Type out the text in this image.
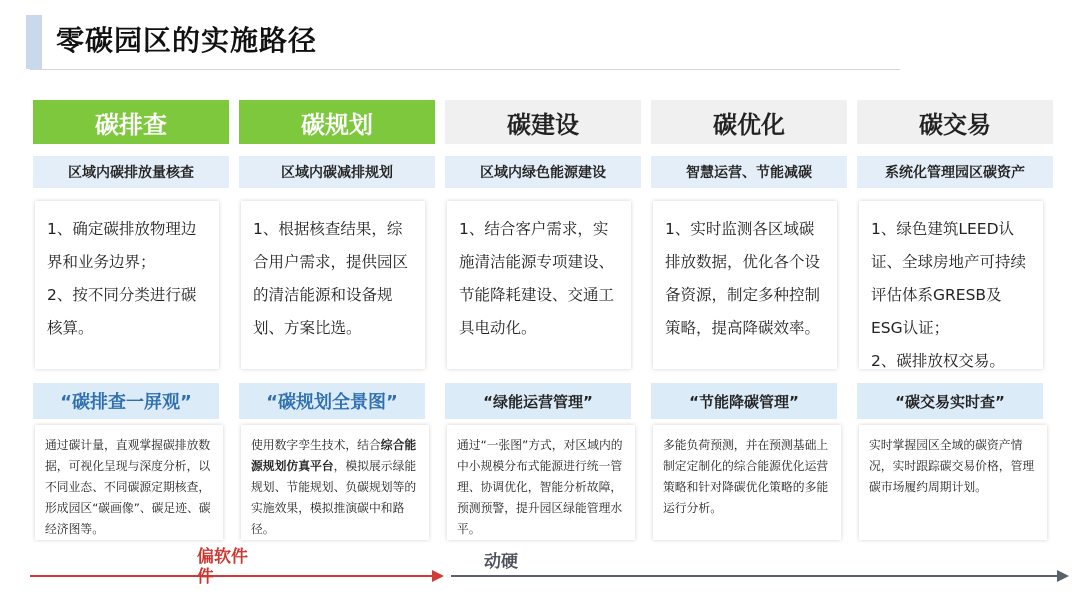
零碳园区的实施路径
碳排查
区域内碳排放量核查

1、确定碳排放物理边界和业务边界；

2、按不同分类进行碳核算。

“碳排查一屏观”

通过碳计量，直观掌握碳排放数据，可视化呈现与深度分析，以不同业态、不同碳源定期核查，形成园区“碳画像”、碳足迹、碳经济图等。

碳规划
区域内碳减排规划

1、根据核查结果，综合用户需求，提供园区的清洁能源和设备规划、方案比选。

“碳规划全景图”

使用数字孪生技术，结合综合能源规划仿真平台，模拟展示绿能规划、节能规划、负碳规划等的实施效果，模拟推演碳中和路径。

碳建设
区域内绿色能源建设

1、结合客户需求，实施清洁能源专项建设、节能降耗建设、交通工具电动化。

“绿能运营管理”

通过“一张图”方式，对区域内的中小规模分布式能源进行统一管理、协调优化，智能分析故障，预测预警，提升园区绿能管理水平。

碳优化
智慧运营、节能减碳

1、实时监测各区域碳排放数据，优化各个设备资源，制定多种控制策略，提高降碳效率。

“节能降碳管理”

多能负荷预测，并在预测基础上制定定制化的综合能源优化运营策略和针对降碳优化策略的多能运行分析。

碳交易
系统化管理园区碳资产

1、绿色建筑LEED认证、全球房地产可持续评估体系GRESB及ESG认证；

2、碳排放权交易。

“碳交易实时查”

实时掌握园区全域的碳资产情况，实时跟踪碳交易价格，管理碳市场履约周期计划。

偏软件件
动硬
